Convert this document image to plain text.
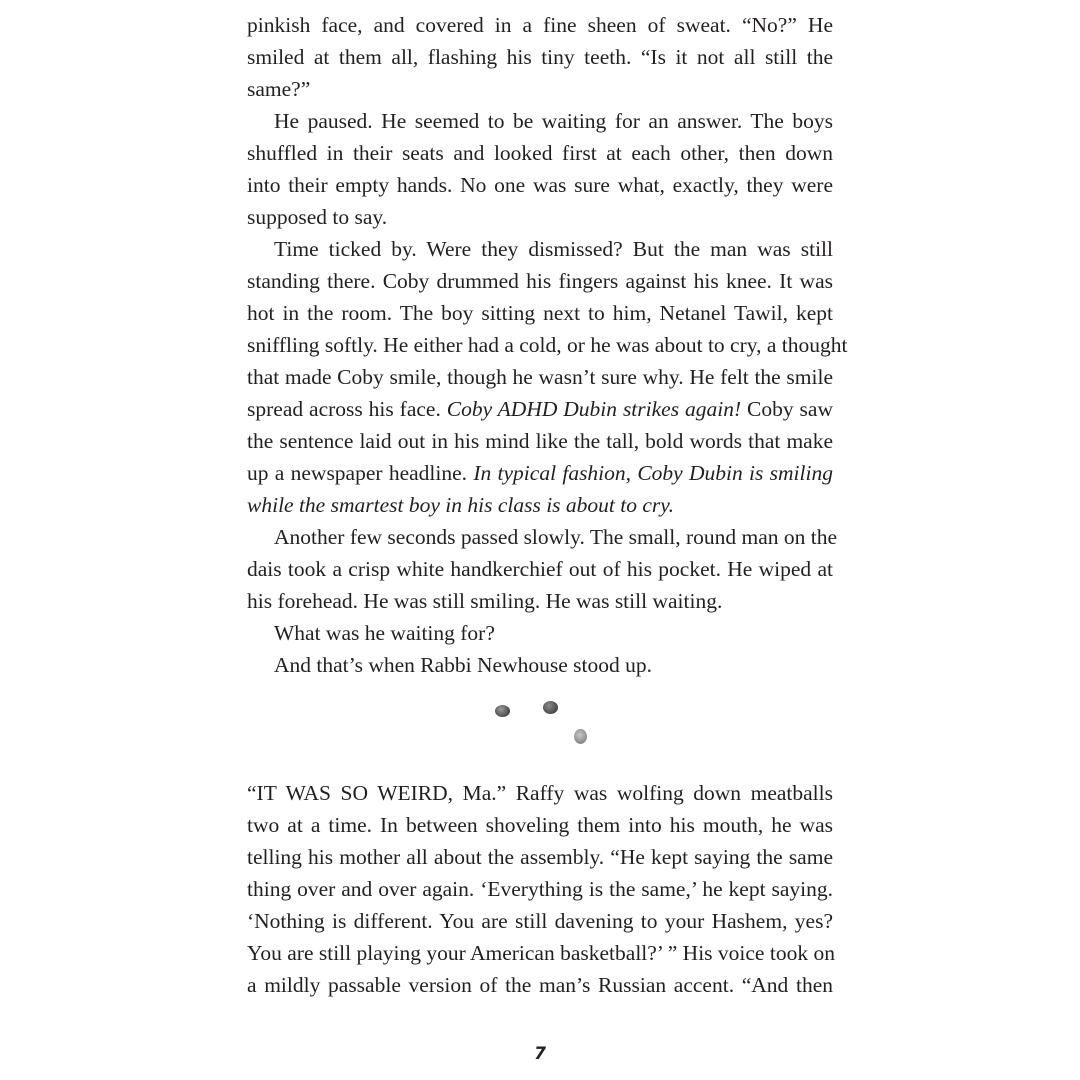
pinkish face, and covered in a fine sheen of sweat. “No?” He
smiled at them all, flashing his tiny teeth. “Is it not all still the
same?”
He paused. He seemed to be waiting for an answer. The boys
shuffled in their seats and looked first at each other, then down
into their empty hands. No one was sure what, exactly, they were
supposed to say.
Time ticked by. Were they dismissed? But the man was still
standing there. Coby drummed his fingers against his knee. It was
hot in the room. The boy sitting next to him, Netanel Tawil, kept
sniffling softly. He either had a cold, or he was about to cry, a thought
that made Coby smile, though he wasn’t sure why. He felt the smile
spread across his face. Coby ADHD Dubin strikes again! Coby saw
the sentence laid out in his mind like the tall, bold words that make
up a newspaper headline. In typical fashion, Coby Dubin is smiling
while the smartest boy in his class is about to cry.
Another few seconds passed slowly. The small, round man on the
dais took a crisp white handkerchief out of his pocket. He wiped at
his forehead. He was still smiling. He was still waiting.
What was he waiting for?
And that’s when Rabbi Newhouse stood up.
“IT WAS SO WEIRD, Ma.” Raffy was wolfing down meatballs
two at a time. In between shoveling them into his mouth, he was
telling his mother all about the assembly. “He kept saying the same
thing over and over again. ‘Everything is the same,’ he kept saying.
‘Nothing is different. You are still davening to your Hashem, yes?
You are still playing your American basketball?’ ” His voice took on
a mildly passable version of the man’s Russian accent. “And then
7
